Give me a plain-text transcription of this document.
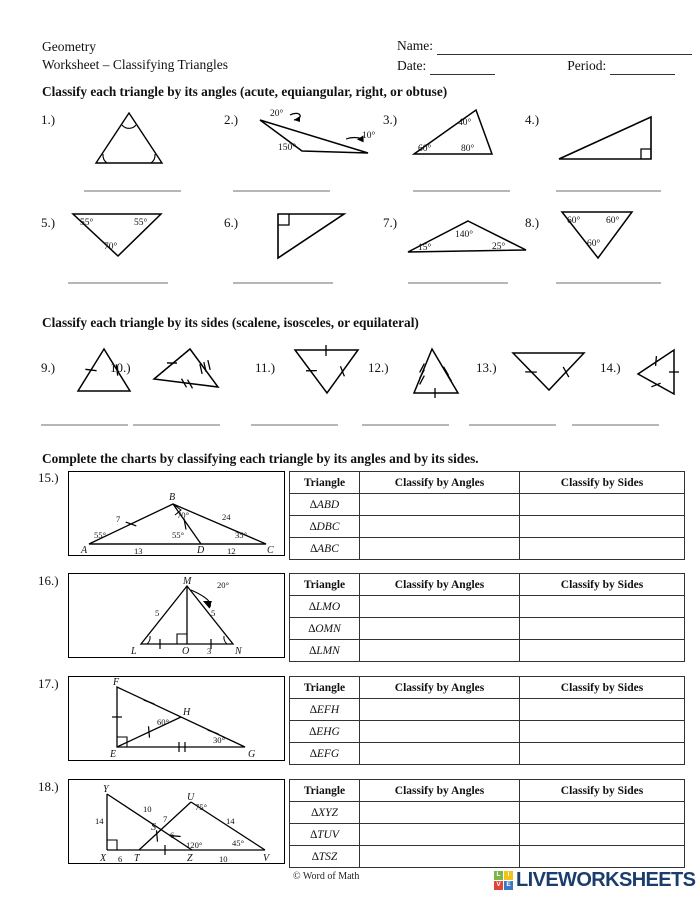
Geometry
Worksheet – Classifying Triangles
Name:
Date:	Period:
Classify each triangle by its angles (acute, equiangular, right, or obtuse)
1.)	2.)	20°
10°
150°
3.)	40°
60°	80°
4.)
5.)	55°	55°
70°
6.)	7.)
140°
15°	25°
8.)	60°	60°
60°
Classify each triangle by its sides (scalene, isosceles, or equilateral)
9.)	10.)	11.)	12.)	13.)	14.)
Complete the charts by classifying each triangle by its angles and by its sides.
15.)
A
B
D	C
7	24
13	12
70°
55°	55°	35°
Triangle	Classify by Angles	Classify by Sides
∆ABD		
∆DBC		
∆ABC		
16.)	M
L	O	N
5	5
3
20°	Triangle	Classify by Angles	Classify by Sides
∆LMO		
∆OMN		
∆LMN		
17.)	F
E
H
G
60°
30°
Triangle	Classify by Angles	Classify by Sides
∆EFH		
∆EHG		
∆EFG		
18.)	Y
U
S
X	T	Z	V
10
14	7	14
6
6	10
75°
120°	45°
Triangle	Classify by Angles	Classify by Sides
∆XYZ		
∆TUV		
∆TSZ		
© Word of Math	L	I
V E LIVEWORKSHEETS
